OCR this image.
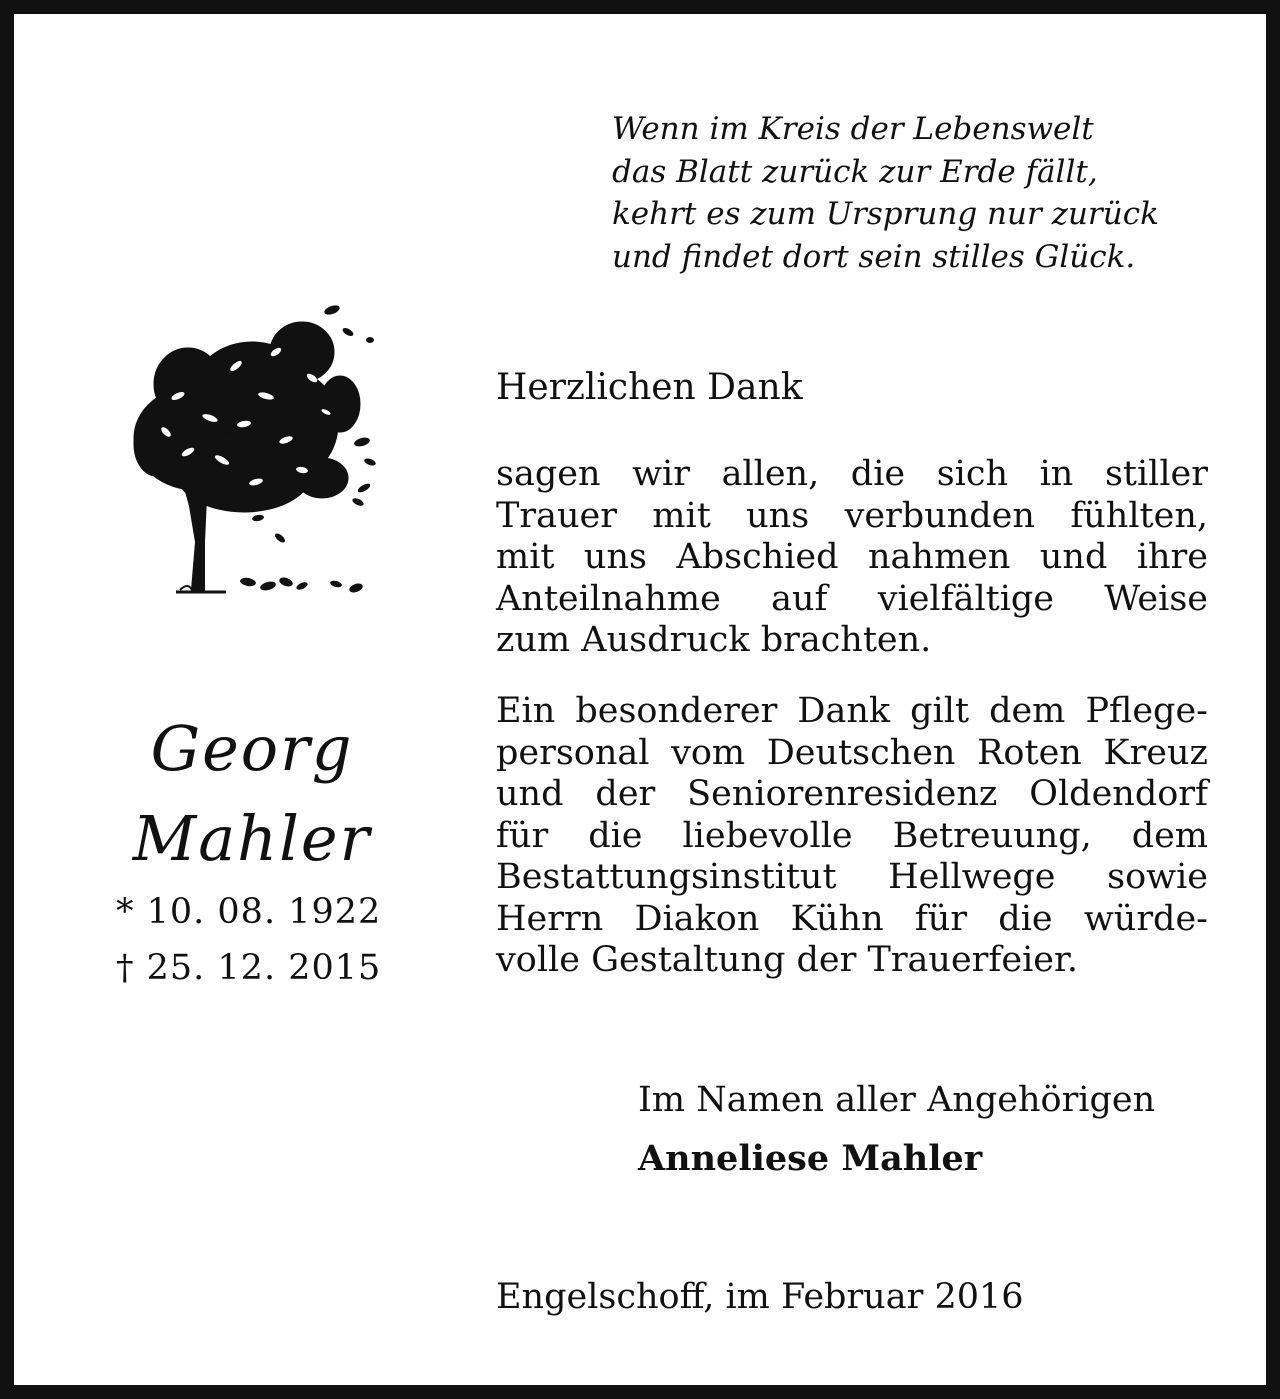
Wenn im Kreis der Lebenswelt
das Blatt zurück zur Erde fällt,
kehrt es zum Ursprung nur zurück
und findet dort sein stilles Glück.
Georg
Mahler
* 10. 08. 1922
† 25. 12. 2015
Herzlichen Dank
sagen wir allen, die sich in stiller
Trauer mit uns verbunden fühlten,
mit uns Abschied nahmen und ihre
Anteilnahme auf vielfältige Weise
zum Ausdruck brachten.
Ein besonderer Dank gilt dem Pflege-
personal vom Deutschen Roten Kreuz
und der Seniorenresidenz Oldendorf
für die liebevolle Betreuung, dem
Bestattungsinstitut Hellwege sowie
Herrn Diakon Kühn für die würde-
volle Gestaltung der Trauerfeier.
Im Namen aller Angehörigen
Anneliese Mahler
Engelschoff, im Februar 2016
